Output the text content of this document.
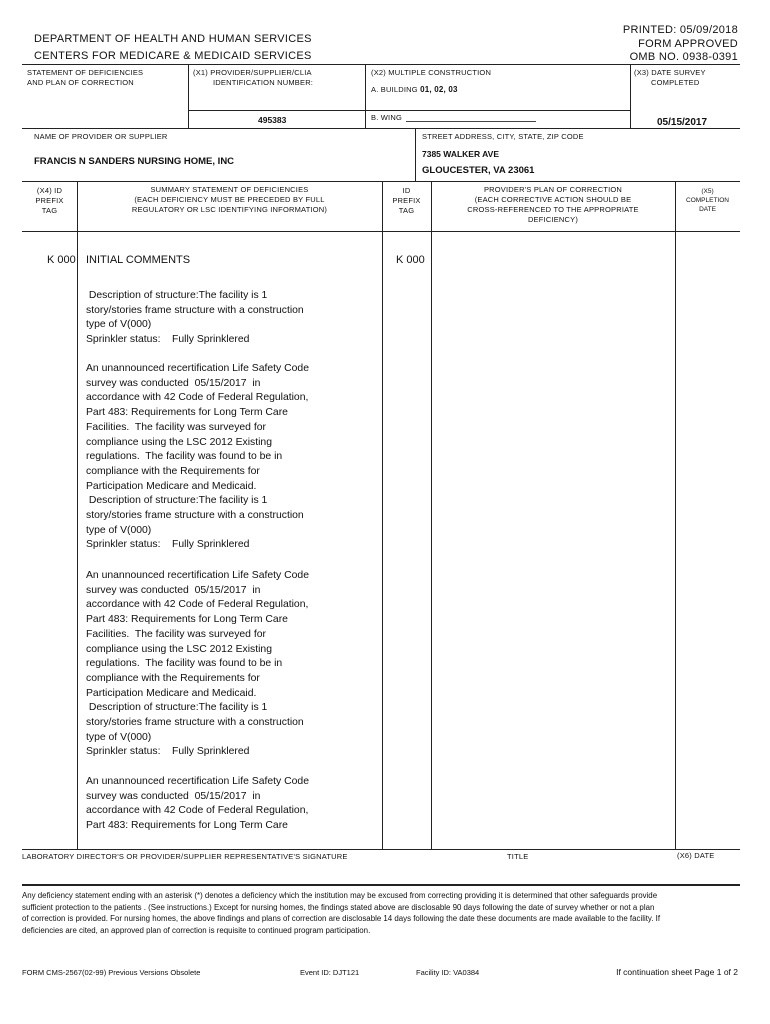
DEPARTMENT OF HEALTH AND HUMAN SERVICES
CENTERS FOR MEDICARE & MEDICAID SERVICES
PRINTED: 05/09/2018
FORM APPROVED
OMB NO. 0938-0391
STATEMENT OF DEFICIENCIES
AND PLAN OF CORRECTION
(X1) PROVIDER/SUPPLIER/CLIA
IDENTIFICATION NUMBER:
495383
(X2) MULTIPLE CONSTRUCTION
A. BUILDING 01, 02, 03
B. WING
(X3) DATE SURVEY
COMPLETED
05/15/2017
NAME OF PROVIDER OR SUPPLIER
FRANCIS N SANDERS NURSING HOME, INC
STREET ADDRESS, CITY, STATE, ZIP CODE
7385 WALKER AVE
GLOUCESTER, VA 23061
(X4) ID
PREFIX
TAG
SUMMARY STATEMENT OF DEFICIENCIES
(EACH DEFICIENCY MUST BE PRECEDED BY FULL
REGULATORY OR LSC IDENTIFYING INFORMATION)
ID
PREFIX
TAG
PROVIDER'S PLAN OF CORRECTION
(EACH CORRECTIVE ACTION SHOULD BE
CROSS-REFERENCED TO THE APPROPRIATE
DEFICIENCY)
(X5)
COMPLETION
DATE
K 000	K 000
INITIAL COMMENTS
Description of structure:The facility is 1
story/stories frame structure with a construction
type of V(000)
Sprinkler status:    Fully Sprinklered
An unannounced recertification Life Safety Code
survey was conducted  05/15/2017  in
accordance with 42 Code of Federal Regulation,
Part 483: Requirements for Long Term Care
Facilities.  The facility was surveyed for
compliance using the LSC 2012 Existing
regulations.  The facility was found to be in
compliance with the Requirements for
Participation Medicare and Medicaid.
Description of structure:The facility is 1
story/stories frame structure with a construction
type of V(000)
Sprinkler status:    Fully Sprinklered
An unannounced recertification Life Safety Code
survey was conducted  05/15/2017  in
accordance with 42 Code of Federal Regulation,
Part 483: Requirements for Long Term Care
Facilities.  The facility was surveyed for
compliance using the LSC 2012 Existing
regulations.  The facility was found to be in
compliance with the Requirements for
Participation Medicare and Medicaid.
Description of structure:The facility is 1
story/stories frame structure with a construction
type of V(000)
Sprinkler status:    Fully Sprinklered
An unannounced recertification Life Safety Code
survey was conducted  05/15/2017  in
accordance with 42 Code of Federal Regulation,
Part 483: Requirements for Long Term Care
LABORATORY DIRECTOR'S OR PROVIDER/SUPPLIER REPRESENTATIVE'S SIGNATURE	TITLE	(X6) DATE
Any deficiency statement ending with an asterisk (*) denotes a deficiency which the institution may be excused from correcting providing it is determined that other safeguards provide sufficient protection to the patients . (See instructions.) Except for nursing homes, the findings stated above are disclosable 90 days following the date of survey whether or not a plan of correction is provided. For nursing homes, the above findings and plans of correction are disclosable 14 days following the date these documents are made available to the facility. If deficiencies are cited, an approved plan of correction is requisite to continued program participation.
FORM CMS-2567(02-99) Previous Versions Obsolete	Event ID: DJT121	Facility ID: VA0384	If continuation sheet Page 1 of 2
